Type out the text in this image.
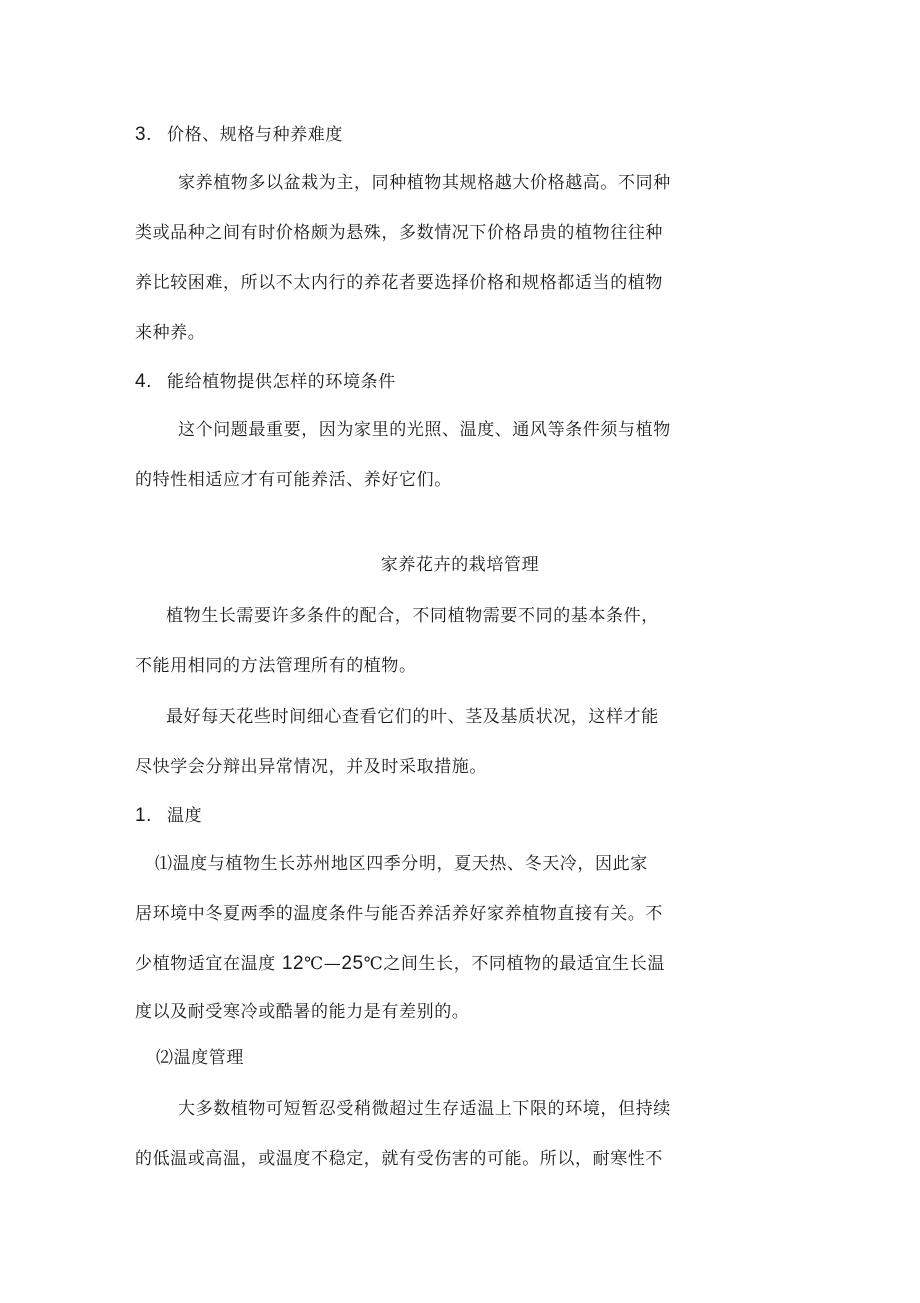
3. 价格、规格与种养难度
家养植物多以盆栽为主，同种植物其规格越大价格越高。不同种
类或品种之间有时价格颇为悬殊，多数情况下价格昂贵的植物往往种
养比较困难，所以不太内行的养花者要选择价格和规格都适当的植物
来种养。
4. 能给植物提供怎样的环境条件
这个问题最重要，因为家里的光照、温度、通风等条件须与植物
的特性相适应才有可能养活、养好它们。
家养花卉的栽培管理
植物生长需要许多条件的配合，不同植物需要不同的基本条件，
不能用相同的方法管理所有的植物。
最好每天花些时间细心查看它们的叶、茎及基质状况，这样才能
尽快学会分辩出异常情况，并及时采取措施。
1. 温度
⑴温度与植物生长苏州地区四季分明，夏天热、冬天冷，因此家
居环境中冬夏两季的温度条件与能否养活养好家养植物直接有关。不
少植物适宜在温度 12℃—25℃之间生长，不同植物的最适宜生长温
度以及耐受寒冷或酷暑的能力是有差别的。
⑵温度管理
大多数植物可短暂忍受稍微超过生存适温上下限的环境，但持续
的低温或高温，或温度不稳定，就有受伤害的可能。所以，耐寒性不
